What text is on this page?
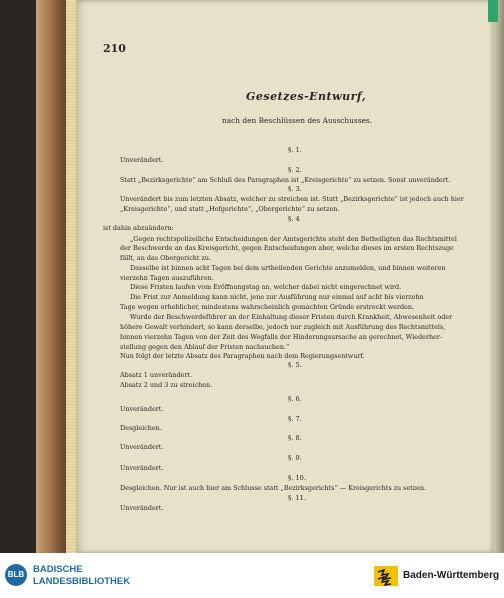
210
Gesetzes-Entwurf,
nach den Beschlüssen des Ausschusses.
§. 1.
Unverändert.
§. 2.
Statt „Bezirksgerichte“ am Schluß des Paragraphen ist „Kreisgerichte“ zu setzen. Sonst unverändert.
§. 3.
Unverändert bis zum letzten Absatz, welcher zu streichen ist. Statt „Bezirksgerichte“ ist jedoch auch hier
„Kreisgerichte“, und statt „Hofgerichte“, „Obergerichte“ zu setzen.
§. 4
ist dahin abzuändern:
„Gegen rechtspolizeiliche Entscheidungen der Amtsgerichte steht den Betheiligten das Rechtsmittel
der Beschwerde an das Kreisgericht, gegen Entscheidungen aber, welche dieses im ersten Rechtszuge
fällt, an das Obergericht zu.
Dasselbe ist binnen acht Tagen bei dem urtheilenden Gerichte anzumelden, und binnen weiteren
vierzehn Tagen auszuführen.
Diese Fristen laufen vom Eröffnungstag an, welcher dabei nicht eingerechnet wird.
Die Frist zur Anmeldung kann nicht, jene zur Ausführung nur einmal auf acht bis vierzehn
Tage wegen erheblicher, mindestens wahrscheinlich gemachten Gründe erstreckt werden.
Wurde der Beschwerdeführer an der Einhaltung dieser Fristen durch Krankheit, Abwesenheit oder
höhere Gewalt verhindert, so kann derselbe, jedoch nur zugleich mit Ausführung des Rechtsmittels,
binnen vierzehn Tagen von der Zeit des Wegfalls der Hinderungsursache an gerechnet, Wiederher-
stellung gegen den Ablauf der Fristen nachsuchen.“
Nun folgt der letzte Absatz des Paragraphen nach dem Regierungsentwurf.
§. 5.
Absatz 1 unverändert.
Absatz 2 und 3 zu streichen.
§. 6.
Unverändert.
§. 7.
Desgleichen.
§. 8.
Unverändert.
§. 9.
Unverändert.
§. 10.
Desgleichen. Nur ist auch hier am Schlusse statt „Bezirksgerichts“ — Kreisgerichts zu setzen.
§. 11.
Unverändert.
BLB BADISCHE
LANDESBIBLIOTHEK
Baden-Württemberg
